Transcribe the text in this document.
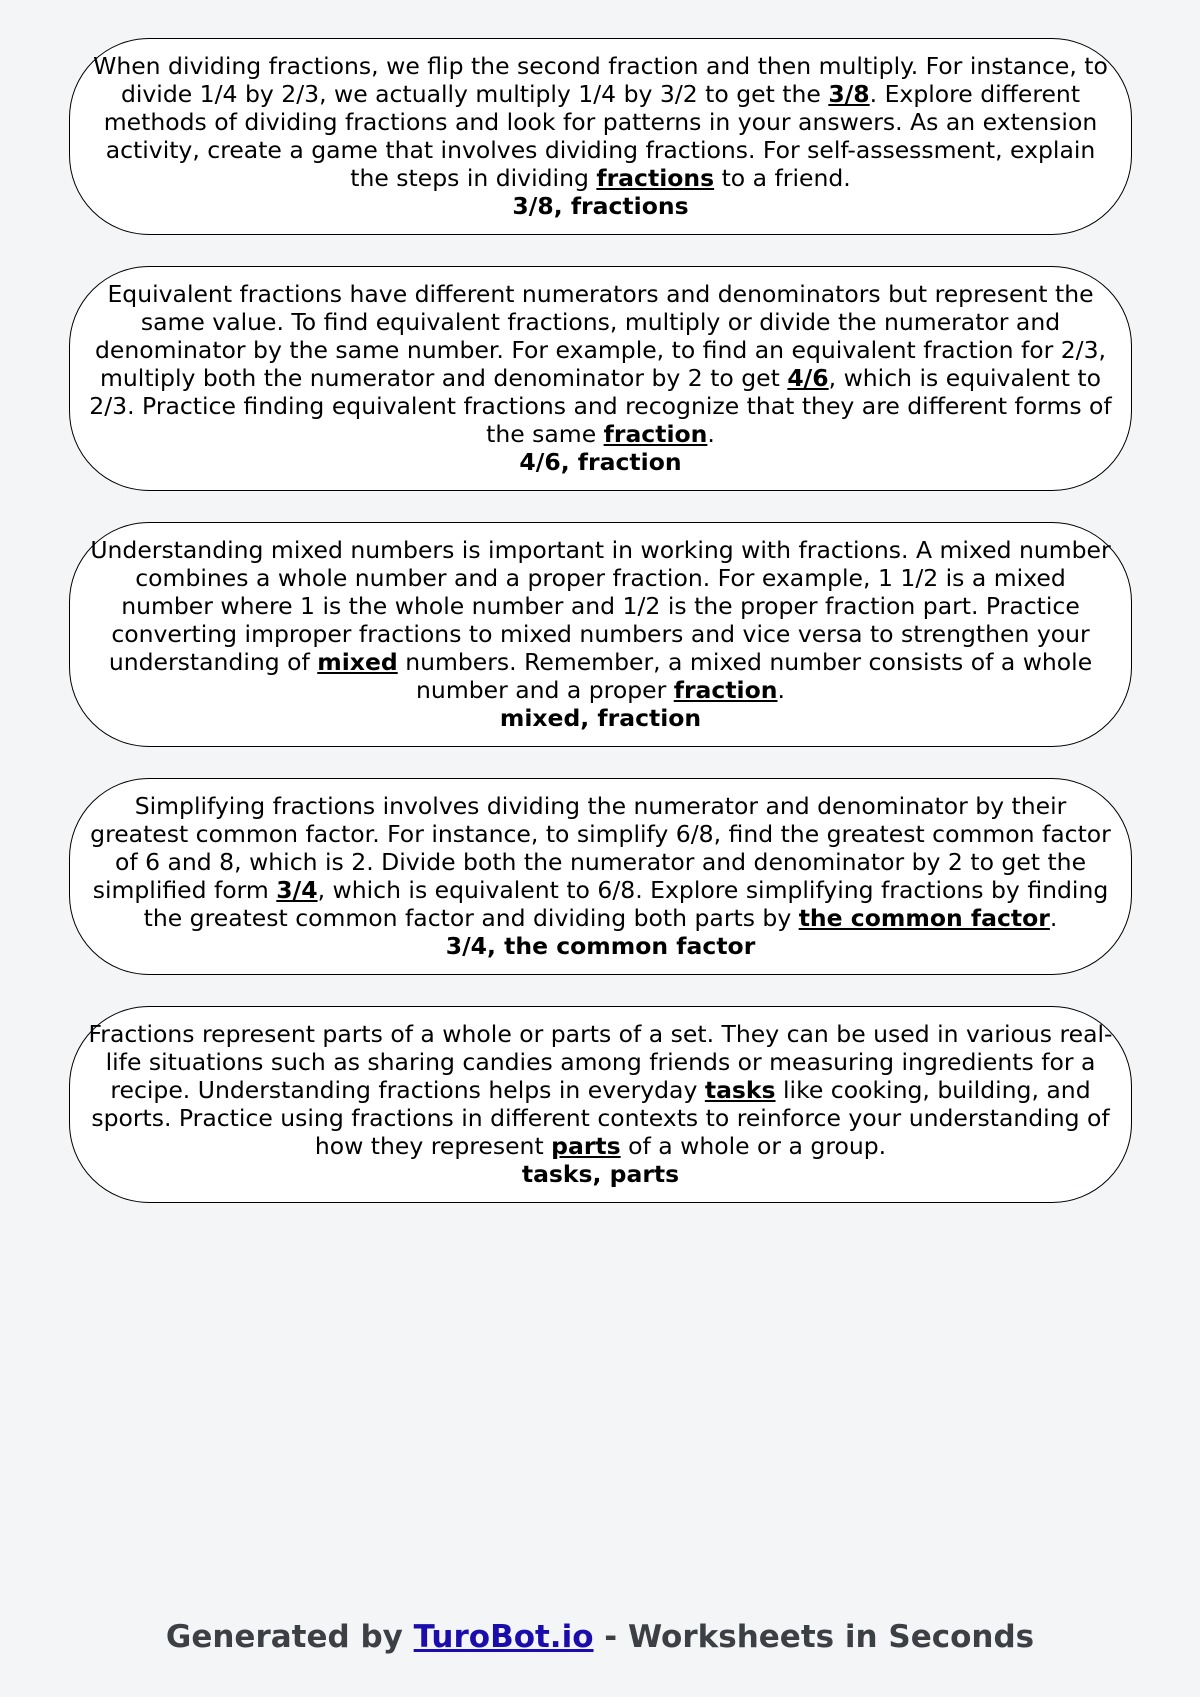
When dividing fractions, we flip the second fraction and then multiply. For instance, to divide 1/4 by 2/3, we actually multiply 1/4 by 3/2 to get the 3/8. Explore different methods of dividing fractions and look for patterns in your answers. As an extension activity, create a game that involves dividing fractions. For self-assessment, explain the steps in dividing fractions to a friend.
3/8, fractions
Equivalent fractions have different numerators and denominators but represent the same value. To find equivalent fractions, multiply or divide the numerator and denominator by the same number. For example, to find an equivalent fraction for 2/3, multiply both the numerator and denominator by 2 to get 4/6, which is equivalent to 2/3. Practice finding equivalent fractions and recognize that they are different forms of the same fraction.
4/6, fraction
Understanding mixed numbers is important in working with fractions. A mixed number combines a whole number and a proper fraction. For example, 1 1/2 is a mixed number where 1 is the whole number and 1/2 is the proper fraction part. Practice converting improper fractions to mixed numbers and vice versa to strengthen your understanding of mixed numbers. Remember, a mixed number consists of a whole number and a proper fraction.
mixed, fraction
Simplifying fractions involves dividing the numerator and denominator by their greatest common factor. For instance, to simplify 6/8, find the greatest common factor of 6 and 8, which is 2. Divide both the numerator and denominator by 2 to get the simplified form 3/4, which is equivalent to 6/8. Explore simplifying fractions by finding the greatest common factor and dividing both parts by the common factor.
3/4, the common factor
Fractions represent parts of a whole or parts of a set. They can be used in various real-life situations such as sharing candies among friends or measuring ingredients for a recipe. Understanding fractions helps in everyday tasks like cooking, building, and sports. Practice using fractions in different contexts to reinforce your understanding of how they represent parts of a whole or a group.
tasks, parts
Generated by TuroBot.io - Worksheets in Seconds
